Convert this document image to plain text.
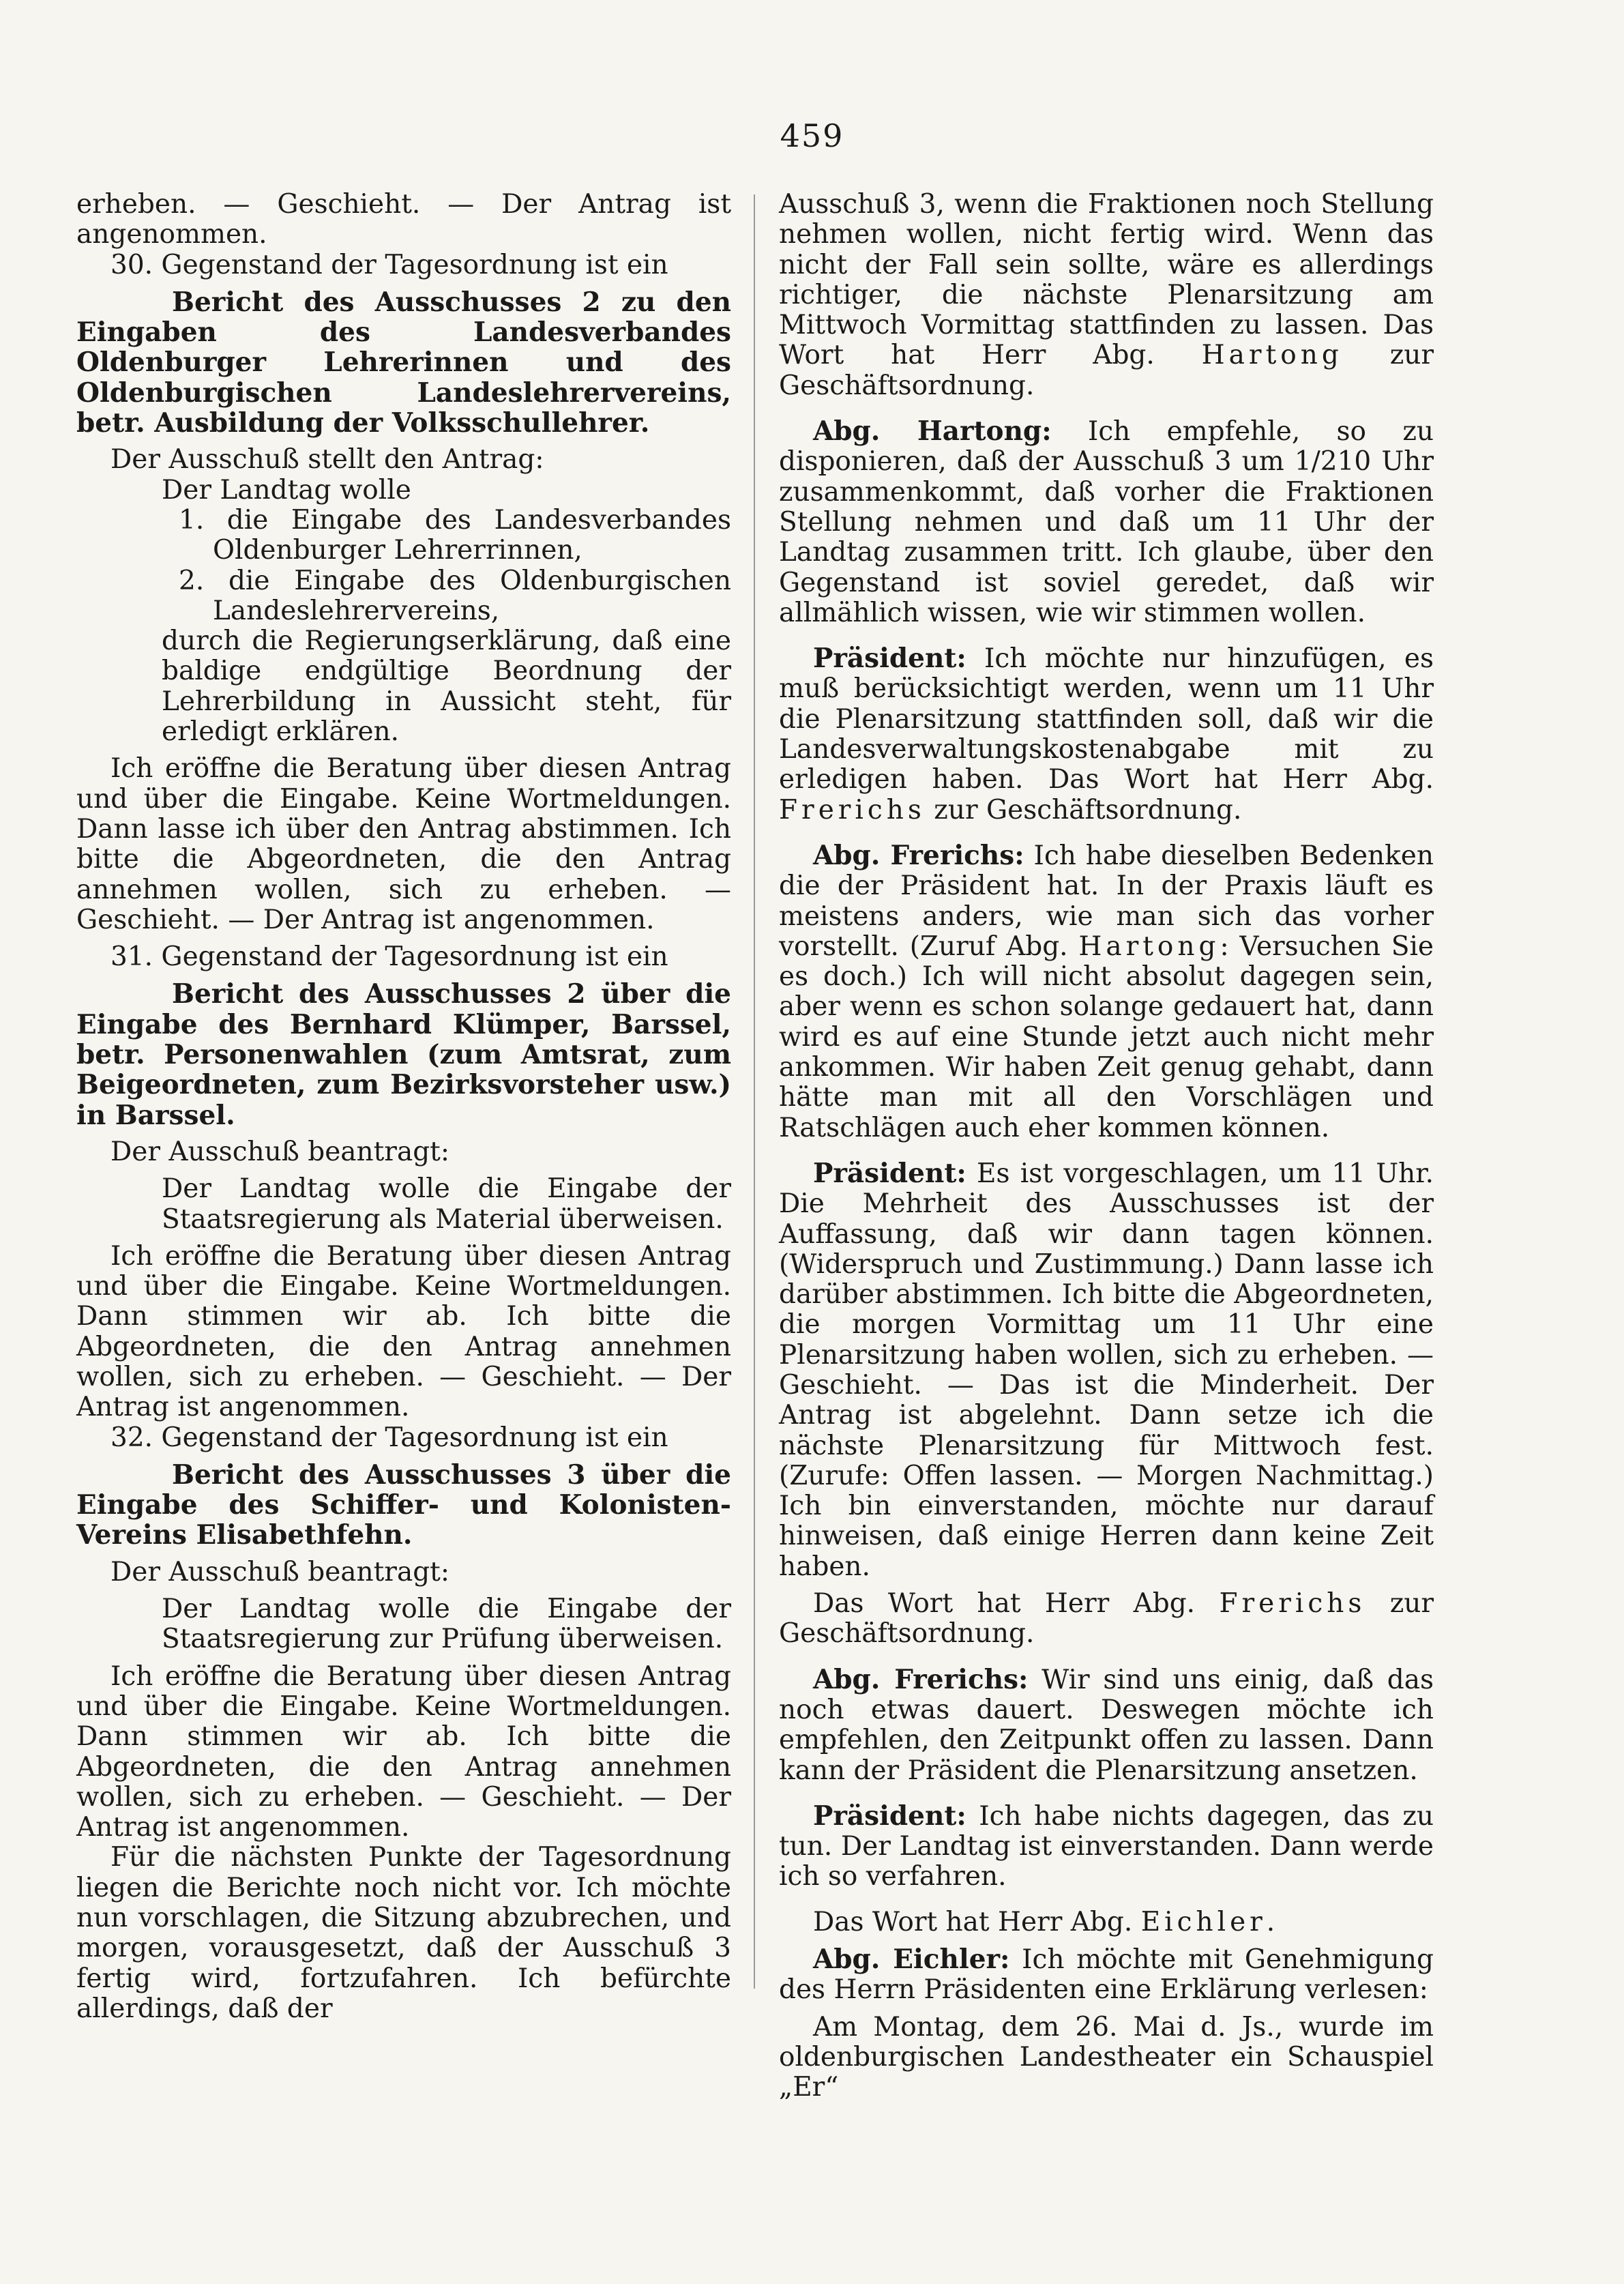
459

erheben. — Geschieht. — Der Antrag ist angenommen.

30. Gegenstand der Tagesordnung ist ein

Bericht des Ausschusses 2 zu den Eingaben des Landesverbandes Oldenburger Lehrerinnen und des Oldenburgischen Landeslehrervereins, betr. Ausbildung der Volksschullehrer.

Der Ausschuß stellt den Antrag:

Der Landtag wolle

1. die Eingabe des Landesverbandes Oldenburger Lehrerrinnen,

2. die Eingabe des Oldenburgischen Landeslehrervereins,

durch die Regierungserklärung, daß eine baldige endgültige Beordnung der Lehrerbildung in Aussicht steht, für erledigt erklären.

Ich eröffne die Beratung über diesen Antrag und über die Eingabe. Keine Wortmeldungen. Dann lasse ich über den Antrag abstimmen. Ich bitte die Abgeordneten, die den Antrag annehmen wollen, sich zu erheben. — Geschieht. — Der Antrag ist angenommen.

31. Gegenstand der Tagesordnung ist ein

Bericht des Ausschusses 2 über die Eingabe des Bernhard Klümper, Barssel, betr. Personenwahlen (zum Amtsrat, zum Beigeordneten, zum Bezirksvorsteher usw.) in Barssel.

Der Ausschuß beantragt:

Der Landtag wolle die Eingabe der Staatsregierung als Material überweisen.

Ich eröffne die Beratung über diesen Antrag und über die Eingabe. Keine Wortmeldungen. Dann stimmen wir ab. Ich bitte die Abgeordneten, die den Antrag annehmen wollen, sich zu erheben. — Geschieht. — Der Antrag ist angenommen.

32. Gegenstand der Tagesordnung ist ein

Bericht des Ausschusses 3 über die Eingabe des Schiffer- und Kolonisten-Vereins Elisabethfehn.

Der Ausschuß beantragt:

Der Landtag wolle die Eingabe der Staatsregierung zur Prüfung überweisen.

Ich eröffne die Beratung über diesen Antrag und über die Eingabe. Keine Wortmeldungen. Dann stimmen wir ab. Ich bitte die Abgeordneten, die den Antrag annehmen wollen, sich zu erheben. — Geschieht. — Der Antrag ist angenommen.

Für die nächsten Punkte der Tagesordnung liegen die Berichte noch nicht vor. Ich möchte nun vorschlagen, die Sitzung abzubrechen, und morgen, vorausgesetzt, daß der Ausschuß 3 fertig wird, fortzufahren. Ich befürchte allerdings, daß der

Ausschuß 3, wenn die Fraktionen noch Stellung nehmen wollen, nicht fertig wird. Wenn das nicht der Fall sein sollte, wäre es allerdings richtiger, die nächste Plenarsitzung am Mittwoch Vormittag stattfinden zu lassen. Das Wort hat Herr Abg. Hartong zur Geschäftsordnung.

Abg. Hartong: Ich empfehle, so zu disponieren, daß der Ausschuß 3 um 1/210 Uhr zusammenkommt, daß vorher die Fraktionen Stellung nehmen und daß um 11 Uhr der Landtag zusammen tritt. Ich glaube, über den Gegenstand ist soviel geredet, daß wir allmählich wissen, wie wir stimmen wollen.

Präsident: Ich möchte nur hinzufügen, es muß berücksichtigt werden, wenn um 11 Uhr die Plenarsitzung stattfinden soll, daß wir die Landesverwaltungskostenabgabe mit zu erledigen haben. Das Wort hat Herr Abg. Frerichs zur Geschäftsordnung.

Abg. Frerichs: Ich habe dieselben Bedenken die der Präsident hat. In der Praxis läuft es meistens anders, wie man sich das vorher vorstellt. (Zuruf Abg. Hartong: Versuchen Sie es doch.) Ich will nicht absolut dagegen sein, aber wenn es schon solange gedauert hat, dann wird es auf eine Stunde jetzt auch nicht mehr ankommen. Wir haben Zeit genug gehabt, dann hätte man mit all den Vorschlägen und Ratschlägen auch eher kommen können.

Präsident: Es ist vorgeschlagen, um 11 Uhr. Die Mehrheit des Ausschusses ist der Auffassung, daß wir dann tagen können. (Widerspruch und Zustimmung.) Dann lasse ich darüber abstimmen. Ich bitte die Abgeordneten, die morgen Vormittag um 11 Uhr eine Plenarsitzung haben wollen, sich zu erheben. — Geschieht. — Das ist die Minderheit. Der Antrag ist abgelehnt. Dann setze ich die nächste Plenarsitzung für Mittwoch fest. (Zurufe: Offen lassen. — Morgen Nachmittag.) Ich bin einverstanden, möchte nur darauf hinweisen, daß einige Herren dann keine Zeit haben.

Das Wort hat Herr Abg. Frerichs zur Geschäftsordnung.

Abg. Frerichs: Wir sind uns einig, daß das noch etwas dauert. Deswegen möchte ich empfehlen, den Zeitpunkt offen zu lassen. Dann kann der Präsident die Plenarsitzung ansetzen.

Präsident: Ich habe nichts dagegen, das zu tun. Der Landtag ist einverstanden. Dann werde ich so verfahren.

Das Wort hat Herr Abg. Eichler.

Abg. Eichler: Ich möchte mit Genehmigung des Herrn Präsidenten eine Erklärung verlesen:

Am Montag, dem 26. Mai d. Js., wurde im oldenburgischen Landestheater ein Schauspiel „Er“
